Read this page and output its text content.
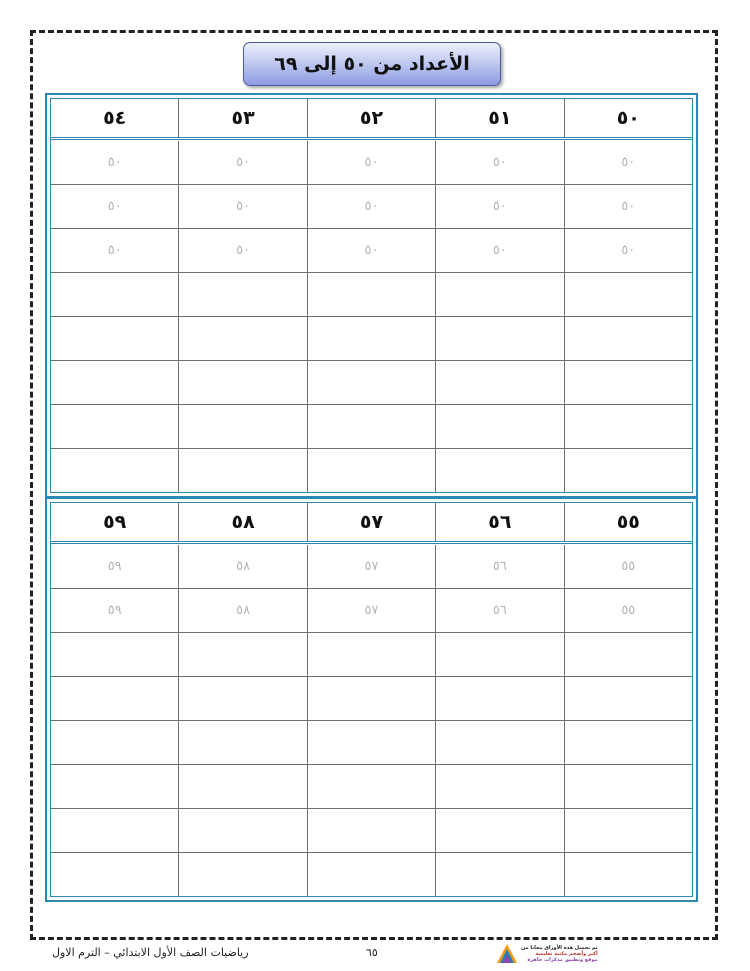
الأعداد من ٥٠ إلى ٦٩
٥٠
٥١
٥٢
٥٣
٥٤
٥٠
٥٠
٥٠
٥٠
٥٠
٥٠
٥٠
٥٠
٥٠
٥٠
٥٠
٥٠
٥٠
٥٠
٥٠
٥٥
٥٦
٥٧
٥٨
٥٩
٥٥
٥٦
٥٧
٥٨
٥٩
٥٥
٥٦
٥٧
٥٨
٥٩
رياضيات الصف الأول الابتدائي – الترم الاول	٦٥	تم تحميل هذه الأوراق مجانا من
أكبر وأضخم مكتبة تعليمية
موقع وتطبيق مذكرات جاهزة
